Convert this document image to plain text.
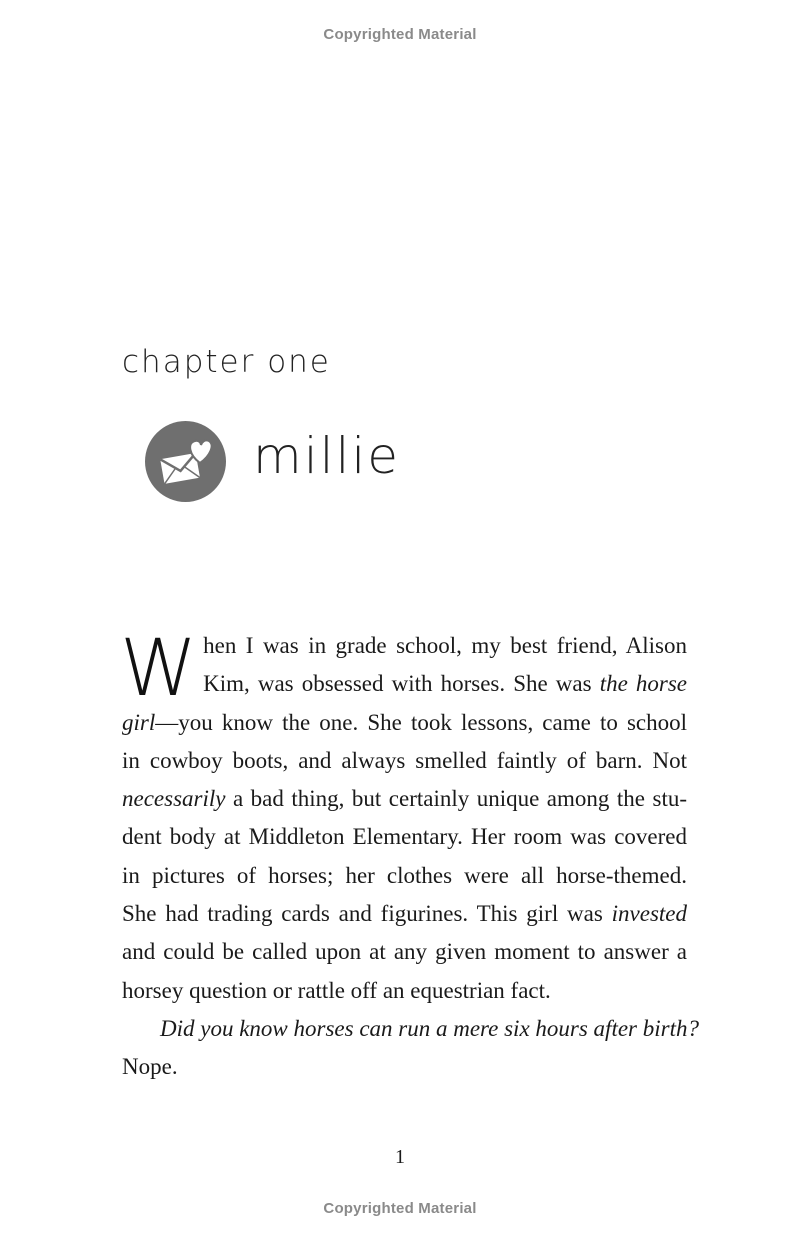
Copyrighted Material
chapter one
millie
W hen I was in grade school, my best friend, Alison
Kim, was obsessed with horses. She was the horse
girl—you know the one. She took lessons, came to school
in cowboy boots, and always smelled faintly of barn. Not
necessarily a bad thing, but certainly unique among the stu-
dent body at Middleton Elementary. Her room was covered
in pictures of horses; her clothes were all horse-themed.
She had trading cards and figurines. This girl was invested
and could be called upon at any given moment to answer a
horsey question or rattle off an equestrian fact.
Did you know horses can run a mere six hours after birth?
Nope.
1
Copyrighted Material
